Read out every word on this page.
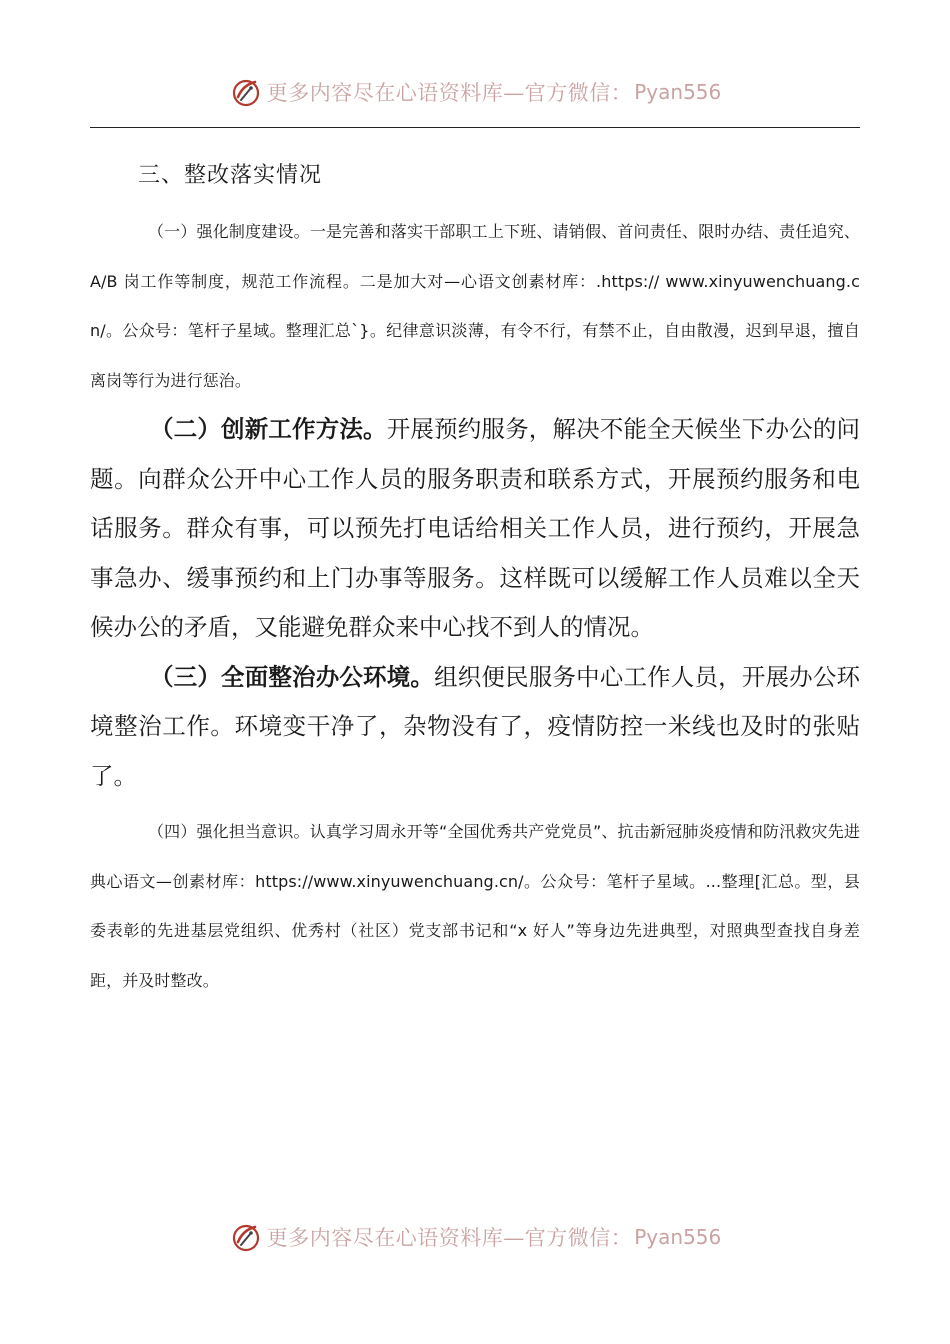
更多内容尽在心语资料库—官方微信： Pyan556
三、整改落实情况

（一）强化制度建设。一是完善和落实干部职工上下班、请销假、首问责任、限时办结、责任追究、A/B 岗工作等制度，规范工作流程。二是加大对—心语文创素材库：.https:// www.xinyuwenchuang.cn/。公众号：笔杆子星域。整理汇总`}。纪律意识淡薄，有令不行，有禁不止，自由散漫，迟到早退，擅自离岗等行为进行惩治。

（二）创新工作方法。开展预约服务，解决不能全天候坐下办公的问题。向群众公开中心工作人员的服务职责和联系方式，开展预约服务和电话服务。群众有事，可以预先打电话给相关工作人员，进行预约，开展急事急办、缓事预约和上门办事等服务。这样既可以缓解工作人员难以全天候办公的矛盾，又能避免群众来中心找不到人的情况。

（三）全面整治办公环境。组织便民服务中心工作人员，开展办公环境整治工作。环境变干净了，杂物没有了，疫情防控一米线也及时的张贴了。

（四）强化担当意识。认真学习周永开等“全国优秀共产党党员”、抗击新冠肺炎疫情和防汛救灾先进典心语文—创素材库：https://www.xinyuwenchuang.cn/。公众号：笔杆子星域。...整理[汇总。型，县委表彰的先进基层党组织、优秀村（社区）党支部书记和“x 好人”等身边先进典型，对照典型查找自身差距，并及时整改。

更多内容尽在心语资料库—官方微信： Pyan556
